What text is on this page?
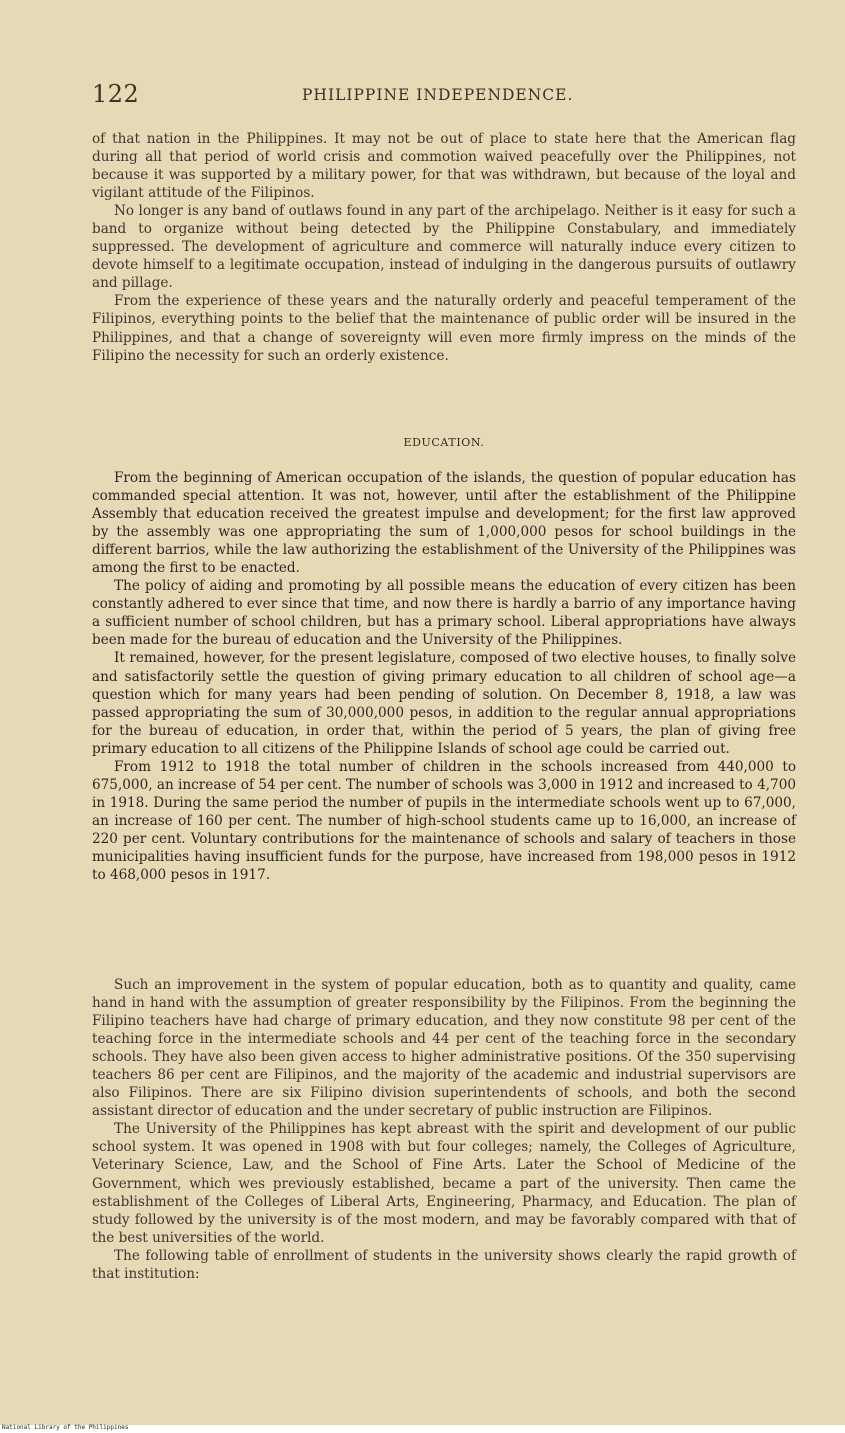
122	PHILIPPINE INDEPENDENCE.

of that nation in the Philippines. It may not be out of place to state here that the American flag during all that period of world crisis and commotion waived peacefully over the Philippines, not because it was supported by a military power, for that was withdrawn, but because of the loyal and vigilant attitude of the Filipinos.

No longer is any band of outlaws found in any part of the archipelago. Neither is it easy for such a band to organize without being detected by the Philippine Constabulary, and immediately suppressed. The development of agriculture and commerce will naturally induce every citizen to devote himself to a legitimate occupation, instead of indulging in the dangerous pursuits of outlawry and pillage.

From the experience of these years and the naturally orderly and peaceful temperament of the Filipinos, everything points to the belief that the maintenance of public order will be insured in the Philippines, and that a change of sovereignty will even more firmly impress on the minds of the Filipino the necessity for such an orderly existence.

EDUCATION.

From the beginning of American occupation of the islands, the question of popular education has commanded special attention. It was not, however, until after the establishment of the Philippine Assembly that education received the greatest impulse and development; for the first law approved by the assembly was one appropriating the sum of 1,000,000 pesos for school buildings in the different barrios, while the law authorizing the establishment of the University of the Philippines was among the first to be enacted.

The policy of aiding and promoting by all possible means the education of every citizen has been constantly adhered to ever since that time, and now there is hardly a barrio of any importance having a sufficient number of school children, but has a primary school. Liberal appropriations have always been made for the bureau of education and the University of the Philippines.

It remained, however, for the present legislature, composed of two elective houses, to finally solve and satisfactorily settle the question of giving primary education to all children of school age—a question which for many years had been pending of solution. On December 8, 1918, a law was passed appropriating the sum of 30,000,000 pesos, in addition to the regular annual appropriations for the bureau of education, in order that, within the period of 5 years, the plan of giving free primary education to all citizens of the Philippine Islands of school age could be carried out.

From 1912 to 1918 the total number of children in the schools increased from 440,000 to 675,000, an increase of 54 per cent. The number of schools was 3,000 in 1912 and increased to 4,700 in 1918. During the same period the number of pupils in the intermediate schools went up to 67,000, an increase of 160 per cent. The number of high-school students came up to 16,000, an increase of 220 per cent. Voluntary contributions for the maintenance of schools and salary of teachers in those municipalities having insufficient funds for the purpose, have increased from 198,000 pesos in 1912 to 468,000 pesos in 1917.

Such an improvement in the system of popular education, both as to quantity and quality, came hand in hand with the assumption of greater responsibility by the Filipinos. From the beginning the Filipino teachers have had charge of primary education, and they now constitute 98 per cent of the teaching force in the intermediate schools and 44 per cent of the teaching force in the secondary schools. They have also been given access to higher administrative positions. Of the 350 supervising teachers 86 per cent are Filipinos, and the majority of the academic and industrial supervisors are also Filipinos. There are six Filipino division superintendents of schools, and both the second assistant director of education and the under secretary of public instruction are Filipinos.

The University of the Philippines has kept abreast with the spirit and development of our public school system. It was opened in 1908 with but four colleges; namely, the Colleges of Agriculture, Veterinary Science, Law, and the School of Fine Arts. Later the School of Medicine of the Government, which wes previously established, became a part of the university. Then came the establishment of the Colleges of Liberal Arts, Engineering, Pharmacy, and Education. The plan of study followed by the university is of the most modern, and may be favorably compared with that of the best universities of the world.

The following table of enrollment of students in the university shows clearly the rapid growth of that institution:

National Library of the Philippines
